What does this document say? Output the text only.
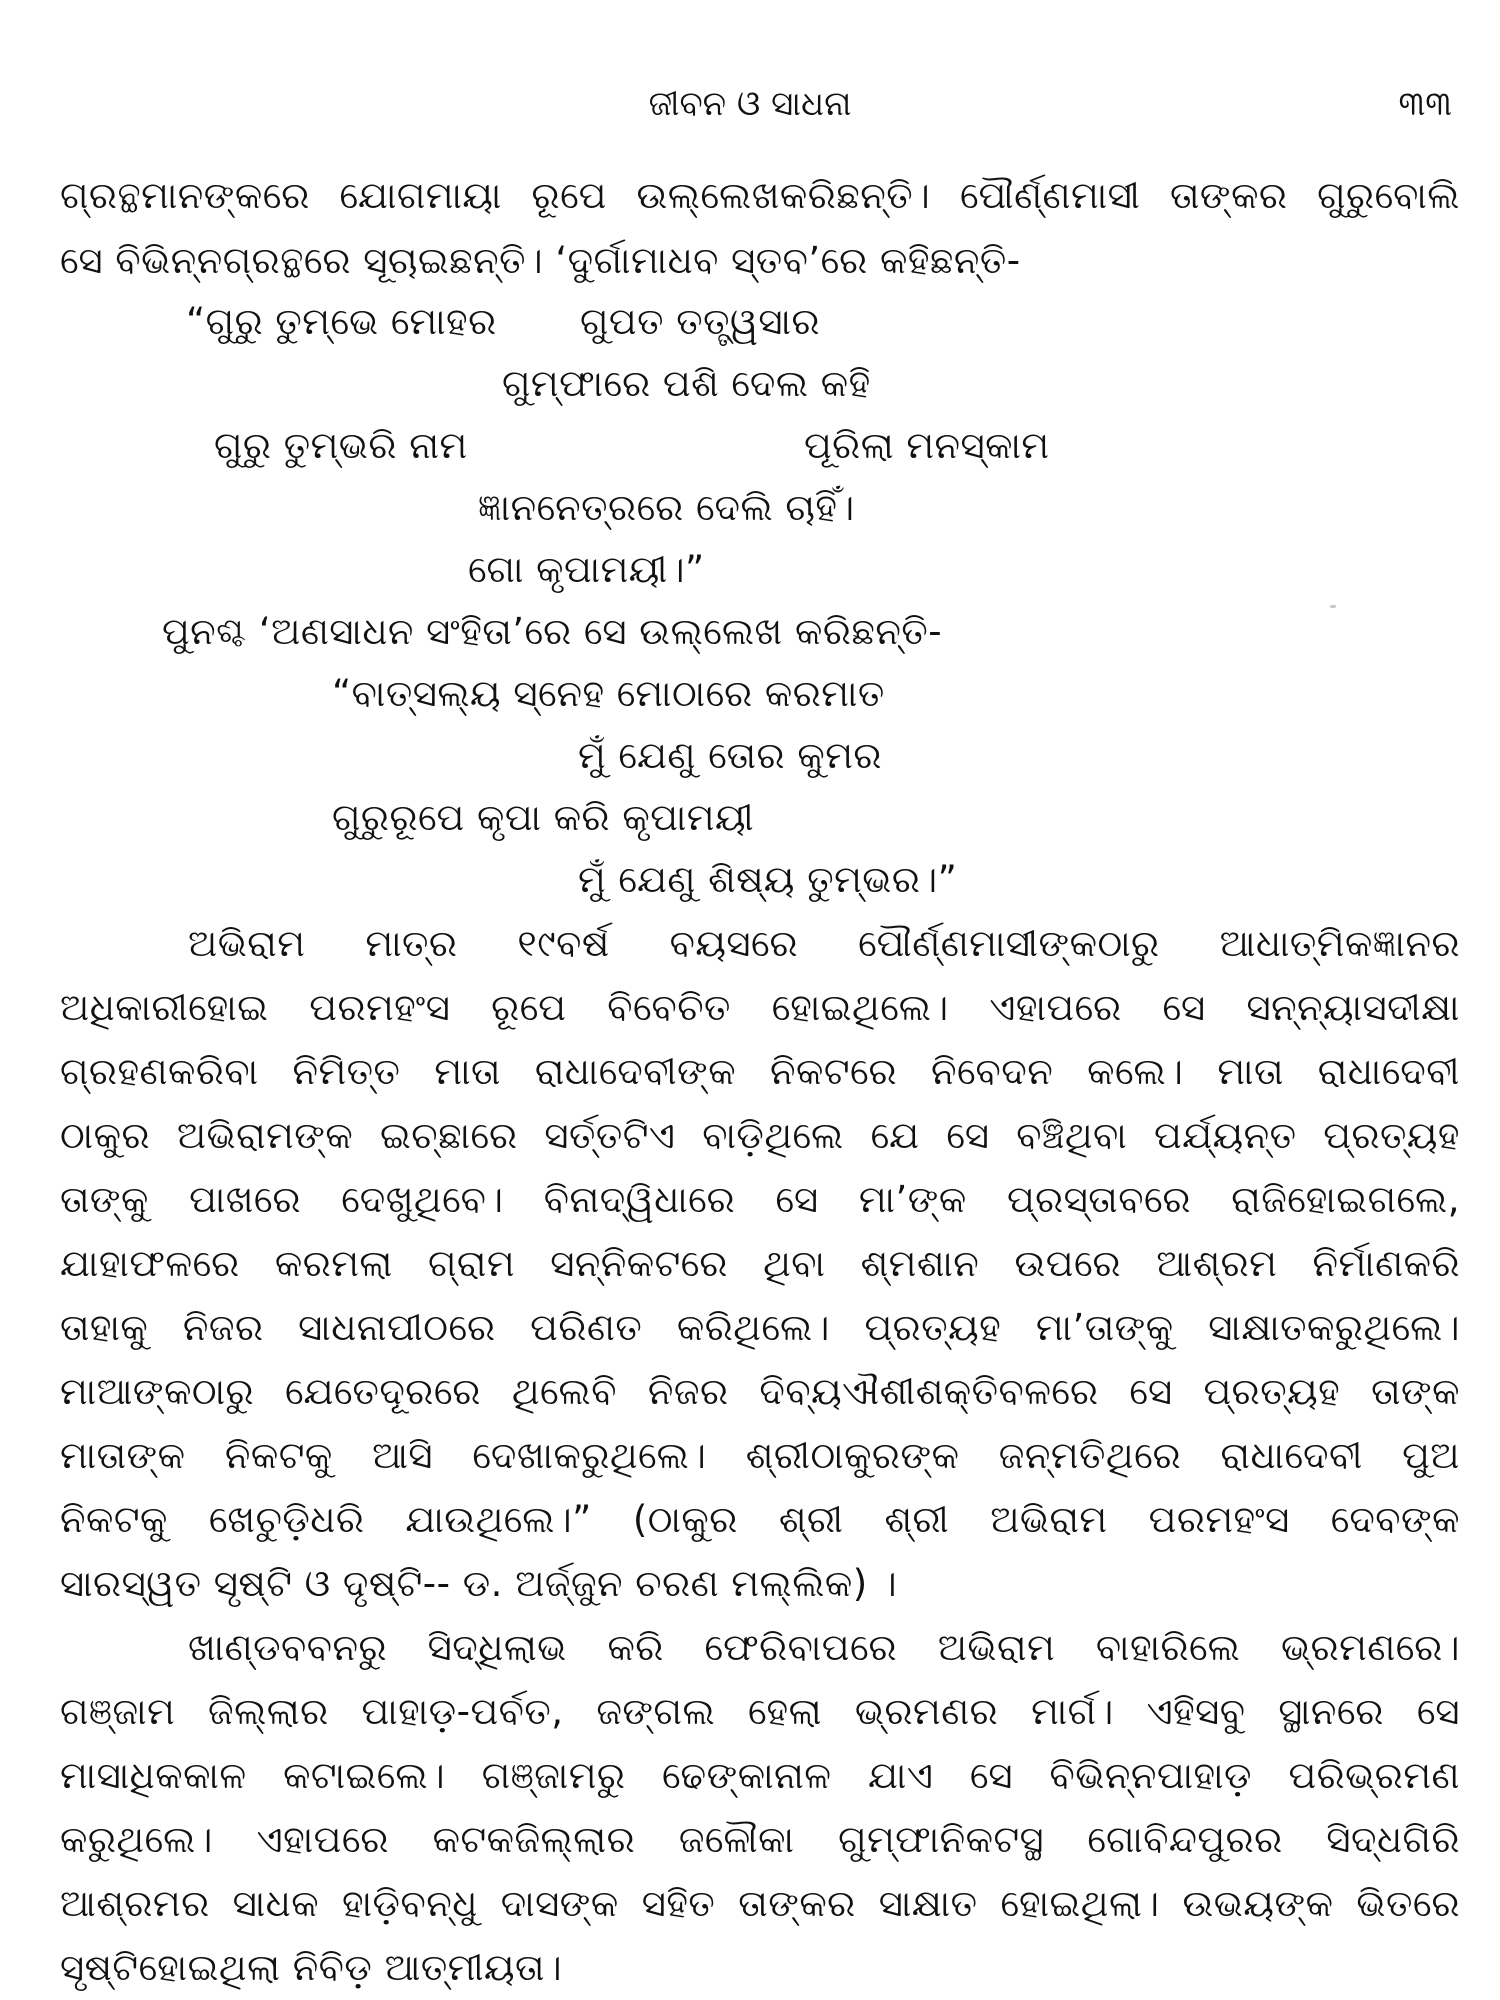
ଜୀବନ ଓ ସାଧନା	୩୩
ଗ୍ରନ୍ଥମାନଙ୍କରେ ଯୋଗମାୟା ରୂପେ ଉଲ୍ଲେଖକରିଛନ୍ତି। ପୌର୍ଣ୍ଣମାସୀ ତାଙ୍କର ଗୁରୁବୋଲି
ସେ ବିଭିନ୍ନଗ୍ରନ୍ଥରେ ସୂଚାଇଛନ୍ତି। ‘ଦୁର୍ଗାମାଧବ ସ୍ତବ’ରେ କହିଛନ୍ତି-
“ଗୁରୁ ତୁମ୍ଭେ ମୋହର ଗୁପତ ତତ୍ତ୍ୱସାର
ଗୁମ୍ଫାରେ ପଶି ଦେଲ କହି
ଗୁରୁ ତୁମ୍ଭରି ନାମ	ପୂରିଲା ମନସ୍କାମ
ଜ୍ଞାନନେତ୍ରରେ ଦେଲି ଚାହିଁ।
ଗୋ କୃପାମୟୀ।”
ପୁନଶ୍ଚ ‘ଅଣସାଧନ ସଂହିତା’ରେ ସେ ଉଲ୍ଲେଖ କରିଛନ୍ତି-
“ବାତ୍ସଲ୍ୟ ସ୍ନେହ ମୋଠାରେ କରମାତ
ମୁଁ ଯେଣୁ ତୋର କୁମର
ଗୁରୁରୂପେ କୃପା କରି କୃପାମୟୀ
ମୁଁ ଯେଣୁ ଶିଷ୍ୟ ତୁମ୍ଭର।”
ଅଭିରାମ ମାତ୍ର ୧୯ବର୍ଷ ବୟସରେ ପୌର୍ଣ୍ଣମାସୀଙ୍କଠାରୁ ଆଧାତ୍ମିକଜ୍ଞାନର
ଅଧିକାରୀହୋଇ ପରମହଂସ ରୂପେ ବିବେଚିତ ହୋଇଥିଲେ। ଏହାପରେ ସେ ସନ୍ନ୍ୟାସଦୀକ୍ଷା
ଗ୍ରହଣକରିବା ନିମିତ୍ତ ମାତା ରାଧାଦେବୀଙ୍କ ନିକଟରେ ନିବେଦନ କଲେ। ମାତା ରାଧାଦେବୀ
ଠାକୁର ଅଭିରାମଙ୍କ ଇଚ୍ଛାରେ ସର୍ତ୍ତଟିଏ ବାଡ଼ିଥିଲେ ଯେ ସେ ବଞ୍ଚିଥିବା ପର୍ଯ୍ୟନ୍ତ ପ୍ରତ୍ୟହ
ତାଙ୍କୁ ପାଖରେ ଦେଖୁଥିବେ। ବିନାଦ୍ୱିଧାରେ ସେ ମା’ଙ୍କ ପ୍ରସ୍ତାବରେ ରାଜିହୋଇଗଲେ,
ଯାହାଫଳରେ କରମଲା ଗ୍ରାମ ସନ୍ନିକଟରେ ଥିବା ଶ୍ମଶାନ ଉପରେ ଆଶ୍ରମ ନିର୍ମାଣକରି
ତାହାକୁ ନିଜର ସାଧନାପୀଠରେ ପରିଣତ କରିଥିଲେ। ପ୍ରତ୍ୟହ ମା’ତାଙ୍କୁ ସାକ୍ଷାତକରୁଥିଲେ।
ମାଆଙ୍କଠାରୁ ଯେତେଦୂରରେ ଥିଲେବି ନିଜର ଦିବ୍ୟଐଶୀଶକ୍ତିବଳରେ ସେ ପ୍ରତ୍ୟହ ତାଙ୍କ
ମାତାଙ୍କ ନିକଟକୁ ଆସି ଦେଖାକରୁଥିଲେ। ଶ୍ରୀଠାକୁରଙ୍କ ଜନ୍ମତିଥିରେ ରାଧାଦେବୀ ପୁଅ
ନିକଟକୁ ଖେଚୁଡ଼ିଧରି ଯାଉଥିଲେ।” (ଠାକୁର ଶ୍ରୀ ଶ୍ରୀ ଅଭିରାମ ପରମହଂସ ଦେବଙ୍କ
ସାରସ୍ୱତ ସୃଷ୍ଟି ଓ ଦୃଷ୍ଟି-- ଡ. ଅର୍ଜ୍ଜୁନ ଚରଣ ମଲ୍ଲିକ) ।
ଖାଣ୍ଡବବନରୁ ସିଦ୍ଧିଲାଭ କରି ଫେରିବାପରେ ଅଭିରାମ ବାହାରିଲେ ଭ୍ରମଣରେ।
ଗଞ୍ଜାମ ଜିଲ୍ଲାର ପାହାଡ଼-ପର୍ବତ, ଜଙ୍ଗଲ ହେଲା ଭ୍ରମଣର ମାର୍ଗ। ଏହିସବୁ ସ୍ଥାନରେ ସେ
ମାସାଧିକକାଳ କଟାଇଲେ। ଗଞ୍ଜାମରୁ ଢେଙ୍କାନାଳ ଯାଏ ସେ ବିଭିନ୍ନପାହାଡ଼ ପରିଭ୍ରମଣ
କରୁଥିଲେ। ଏହାପରେ କଟକଜିଲ୍ଲାର ଜଳୌକା ଗୁମ୍ଫାନିକଟସ୍ଥ ଗୋବିନ୍ଦପୁରର ସିଦ୍ଧଗିରି
ଆଶ୍ରମର ସାଧକ ହାଡ଼ିବନ୍ଧୁ ଦାସଙ୍କ ସହିତ ତାଙ୍କର ସାକ୍ଷାତ ହୋଇଥିଲା। ଉଭୟଙ୍କ ଭିତରେ
ସୃଷ୍ଟିହୋଇଥିଲା ନିବିଡ଼ ଆତ୍ମୀୟତା।
